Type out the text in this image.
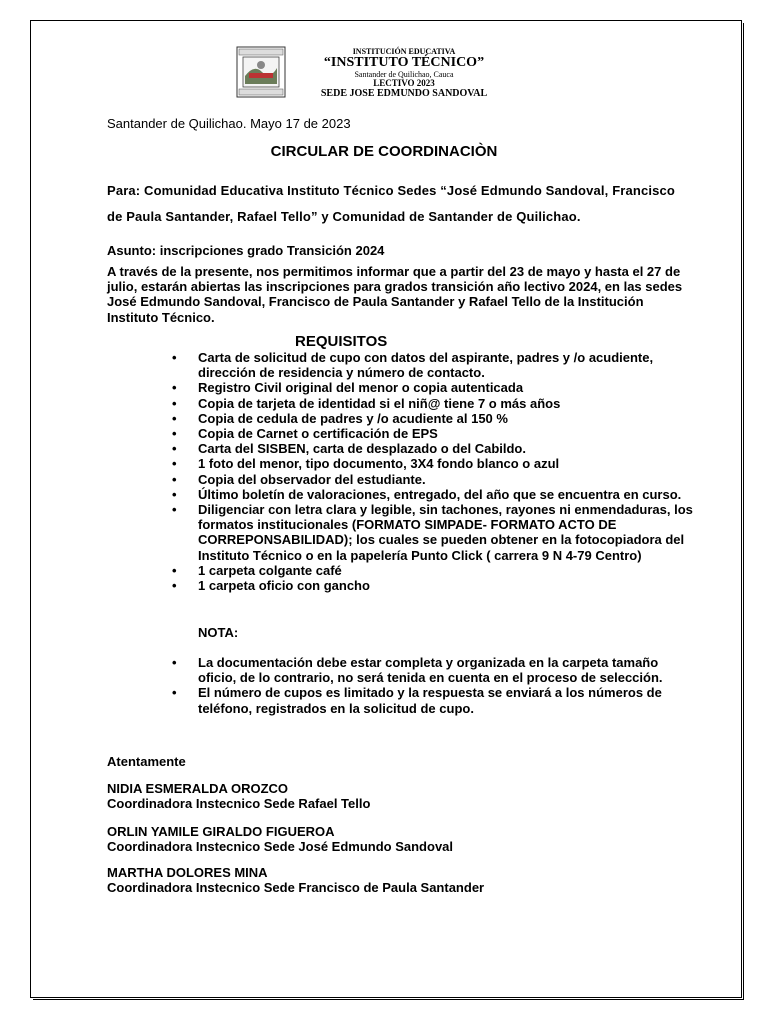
INSTITUCIÓN EDUCATIVA
“INSTITUTO TÉCNICO”
Santander de Quilichao, Cauca
LECTIVO 2023
SEDE JOSE EDMUNDO SANDOVAL
Santander de Quilichao. Mayo 17 de 2023
CIRCULAR DE COORDINACIÒN
Para: Comunidad Educativa Instituto Técnico Sedes “José Edmundo Sandoval, Francisco de Paula Santander, Rafael Tello” y Comunidad de Santander de Quilichao.
Asunto: inscripciones grado Transición 2024
A través de la presente, nos permitimos informar que a partir del 23 de mayo y hasta el 27 de julio, estarán abiertas las inscripciones para grados transición año lectivo 2024, en las sedes José Edmundo Sandoval, Francisco de Paula Santander y Rafael Tello de la Institución Instituto Técnico.
REQUISITOS
• Carta de solicitud de cupo con datos del aspirante, padres y /o acudiente, dirección de residencia y número de contacto.
• Registro Civil original del menor o copia autenticada
• Copia de tarjeta de identidad si el niñ@ tiene 7 o más años
• Copia de cedula de padres y /o acudiente al 150 %
• Copia de Carnet o certificación de EPS
• Carta del SISBEN, carta de desplazado o del Cabildo.
• 1 foto del menor, tipo documento, 3X4 fondo blanco o azul
• Copia del observador del estudiante.
• Último boletín de valoraciones, entregado, del año que se encuentra en curso.
• Diligenciar con letra clara y legible, sin tachones, rayones ni enmendaduras, los formatos institucionales (FORMATO SIMPADE- FORMATO ACTO DE CORREPONSABILIDAD); los cuales se pueden obtener en la fotocopiadora del Instituto Técnico o en la papelería Punto Click ( carrera 9 N 4-79 Centro)
• 1 carpeta colgante café
• 1 carpeta oficio con gancho
NOTA:
• La documentación debe estar completa y organizada en la carpeta tamaño oficio, de lo contrario, no será tenida en cuenta en el proceso de selección.
• El número de cupos es limitado y la respuesta se enviará a los números de teléfono, registrados en la solicitud de cupo.
Atentamente
NIDIA ESMERALDA OROZCO
Coordinadora Instecnico Sede Rafael Tello
ORLIN YAMILE GIRALDO FIGUEROA
Coordinadora Instecnico Sede José Edmundo Sandoval
MARTHA DOLORES MINA
Coordinadora Instecnico Sede Francisco de Paula Santander
